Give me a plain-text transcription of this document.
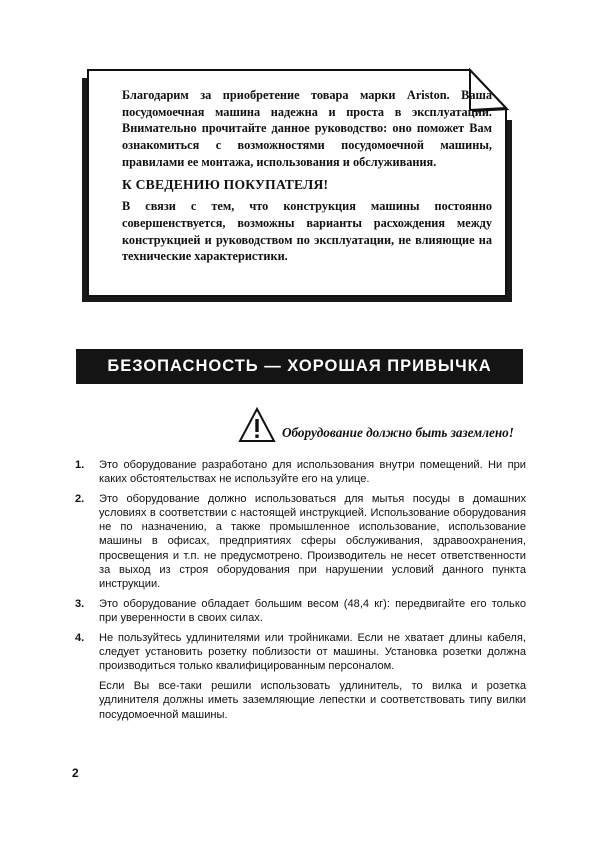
Благодарим за приобретение товара марки Ariston. Ваша посудомоечная машина надежна и проста в эксплуатации. Внимательно прочитайте данное руководство: оно поможет Вам ознакомиться с возможностями посудомоечной машины, правилами ее монтажа, использования и обслуживания.

К СВЕДЕНИЮ ПОКУПАТЕЛЯ!

В связи с тем, что конструкция машины постоянно совершенствуется, возможны варианты расхождения между конструкцией и руководством по эксплуатации, не влияющие на технические характеристики.

БЕЗОПАСНОСТЬ — ХОРОШАЯ ПРИВЫЧКА
Оборудование должно быть заземлено!
1. Это оборудование разработано для использования внутри помещений. Ни при каких обстоятельствах не используйте его на улице.
2. Это оборудование должно использоваться для мытья посуды в домашних условиях в соответствии с настоящей инструкцией. Использование оборудования не по назначению, а также промышленное использование, использование машины в офисах, предприятиях сферы обслуживания, здравоохранения, просвещения и т.п. не предусмотрено. Производитель не несет ответственности за выход из строя оборудования при нарушении условий данного пункта инструкции.
3. Это оборудование обладает большим весом (48,4 кг): передвигайте его только при уверенности в своих силах.
4. Не пользуйтесь удлинителями или тройниками. Если не хватает длины кабеля, следует установить розетку поблизости от машины. Установка розетки должна производиться только квалифицированным персоналом.
Если Вы все-таки решили использовать удлинитель, то вилка и розетка удлинителя должны иметь заземляющие лепестки и соответствовать типу вилки посудомоечной машины.
2
